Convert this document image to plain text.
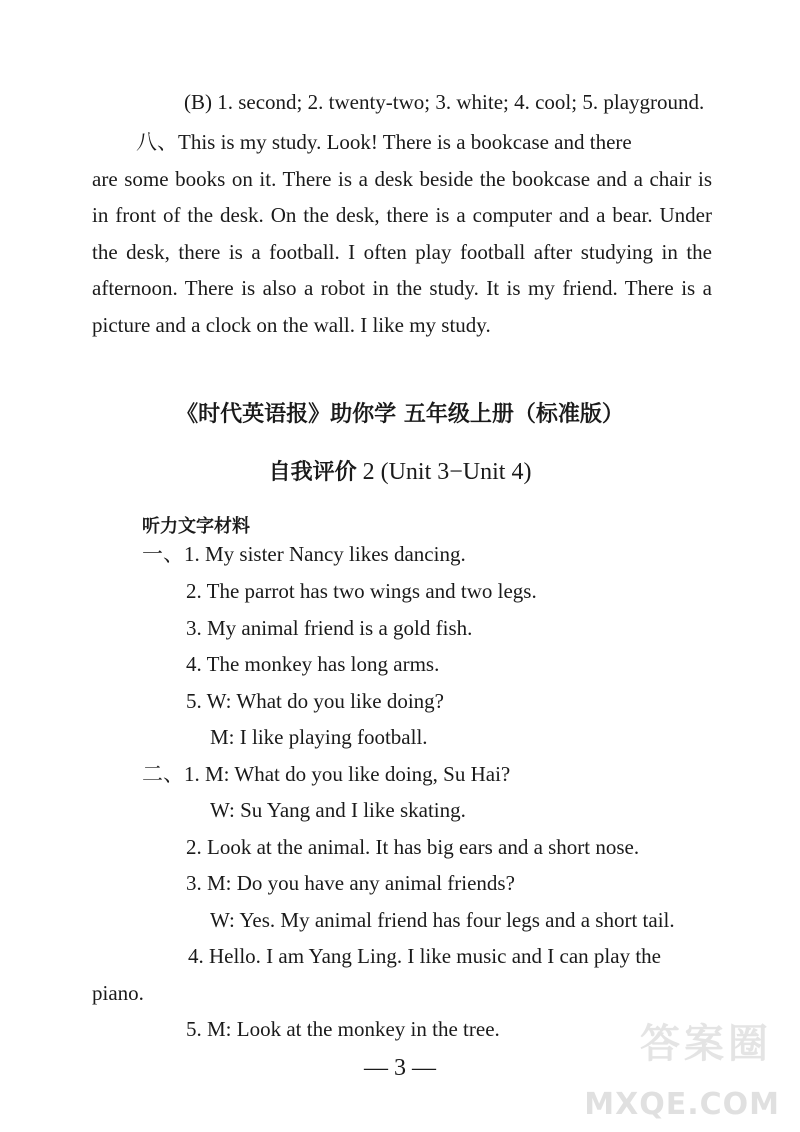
(B) 1. second; 2. twenty-two; 3. white; 4. cool; 5. playground.
八、This is my study. Look! There is a bookcase and there
are some books on it. There is a desk beside the bookcase and a chair is in front of the desk. On the desk, there is a computer and a bear. Under the desk, there is a football. I often play football after studying in the afternoon. There is also a robot in the study. It is my friend. There is a picture and a clock on the wall. I like my study.
《时代英语报》助你学 五年级上册（标准版）
自我评价 2 (Unit 3−Unit 4)
听力文字材料
一、1. My sister Nancy likes dancing.
2. The parrot has two wings and two legs.
3. My animal friend is a gold fish.
4. The monkey has long arms.
5. W: What do you like doing?
M: I like playing football.
二、1. M: What do you like doing, Su Hai?
W: Su Yang and I like skating.
2. Look at the animal. It has big ears and a short nose.
3. M: Do you have any animal friends?
W: Yes. My animal friend has four legs and a short tail.
4. Hello. I am Yang Ling. I like music and I can play the
piano.
5. M: Look at the monkey in the tree.
— 3 —
答案圈
MXQE.COM
